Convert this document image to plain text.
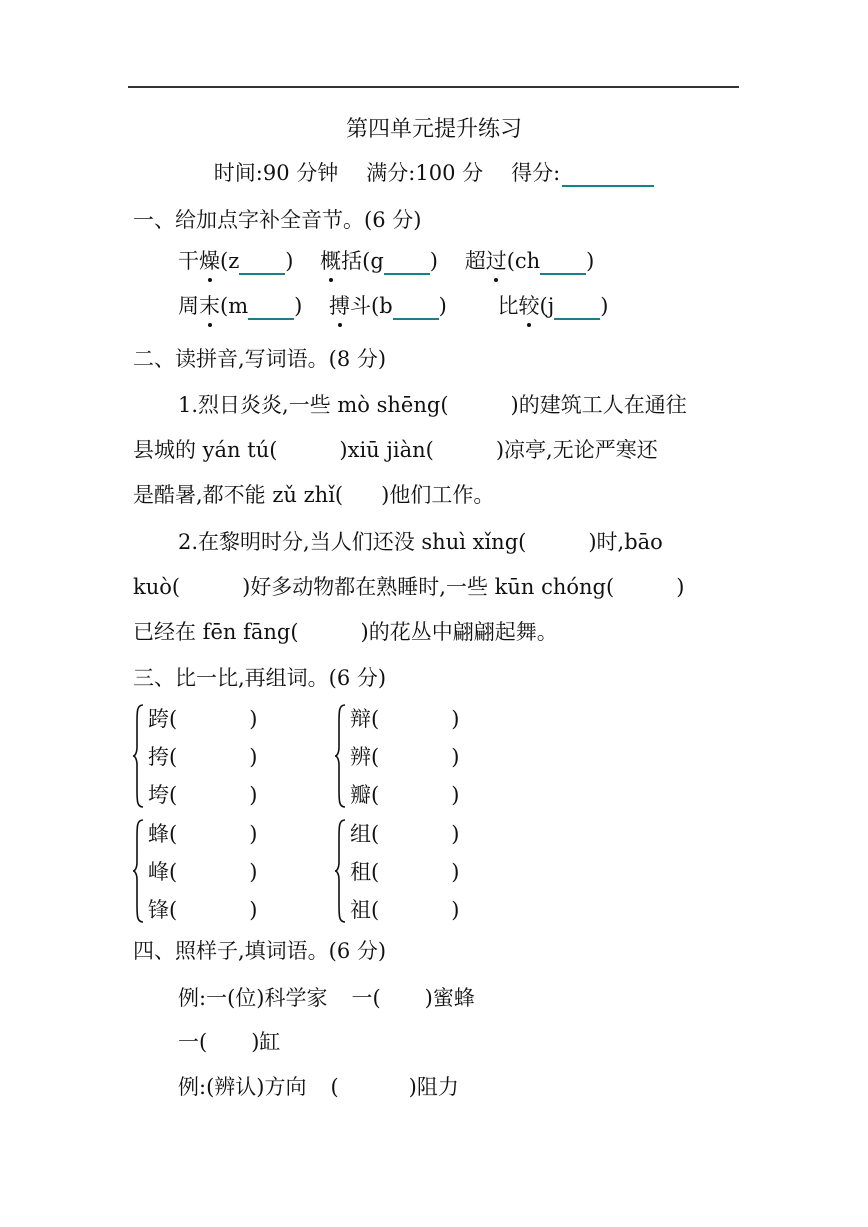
第四单元提升练习
时间:90 分钟 满分:100 分 得分:
一、给加点字补全音节。(6 分)
干燥(z ) 概括(g ) 超过(ch )
周末(m ) 搏斗(b ) 比较(j )
二、读拼音,写词语。(8 分)
1.烈日炎炎,一些 mò shēng(	)的建筑工人在通往
县城的 yán tú(	)xiū jiàn(	)凉亭,无论严寒还
是酷暑,都不能 zǔ zhǐ( )他们工作。
2.在黎明时分,当人们还没 shuì xǐng(	)时,bāo
kuò(	)好多动物都在熟睡时,一些 kūn chóng(	)
已经在 fēn fāng(	)的花丛中翩翩起舞。
三、比一比,再组词。(6 分)
跨(	)
挎(	)
垮(	)
辩(	)
辨(	)
瓣(	)
蜂(	)
峰(	)
锋(	)
组(	)
租(	)
祖(	)
四、照样子,填词语。(6 分)
例:一(位)科学家 一( )蜜蜂
一( )缸
例:(辨认)方向 (	)阻力
